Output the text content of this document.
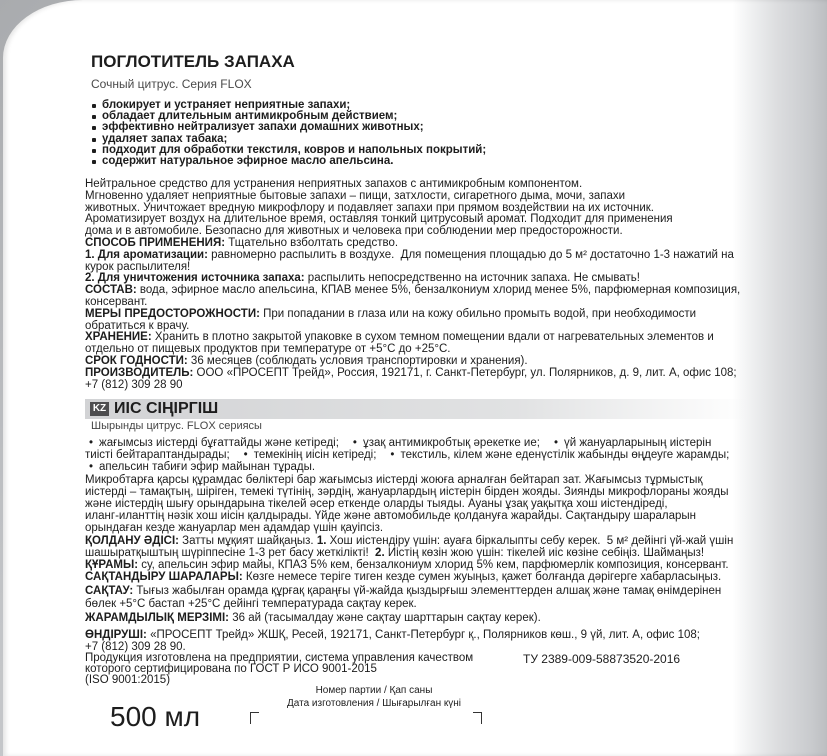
ПОГЛОТИТЕЛЬ ЗАПАХА
Сочный цитрус. Серия FLOX
блокирует и устраняет неприятные запахи;
обладает длительным антимикробным действием;
эффективно нейтрализует запахи домашних животных;
удаляет запах табака;
подходит для обработки текстиля, ковров и напольных покрытий;
содержит натуральное эфирное масло апельсина.
Нейтральное средство для устранения неприятных запахов с антимикробным компонентом.
Мгновенно удаляет неприятные бытовые запахи – пищи, затхлости, сигаретного дыма, мочи, запахи
животных. Уничтожает вредную микрофлору и подавляет запахи при прямом воздействии на их источник.
Ароматизирует воздух на длительное время, оставляя тонкий цитрусовый аромат. Подходит для применения
дома и в автомобиле. Безопасно для животных и человека при соблюдении мер предосторожности.
СПОСОБ ПРИМЕНЕНИЯ: Тщательно взболтать средство.
1. Для ароматизации: равномерно распылить в воздухе.  Для помещения площадью до 5 м² достаточно 1-3 нажатий на
курок распылителя!
2. Для уничтожения источника запаха: распылить непосредственно на источник запаха. Не смывать!
СОСТАВ: вода, эфирное масло апельсина, КПАВ менее 5%, бензалкониум хлорид менее 5%, парфюмерная композиция,
консервант.
МЕРЫ ПРЕДОСТОРОЖНОСТИ: При попадании в глаза или на кожу обильно промыть водой, при необходимости
обратиться к врачу.
ХРАНЕНИЕ: Хранить в плотно закрытой упаковке в сухом темном помещении вдали от нагревательных элементов и
отдельно от пищевых продуктов при температуре от +5°С до +25°С.
СРОК ГОДНОСТИ: 36 месяцев (соблюдать условия транспортировки и хранения).
ПРОИЗВОДИТЕЛЬ: ООО «ПРОСЕПТ Трейд», Россия, 192171, г. Санкт-Петербург, ул. Полярников, д. 9, лит. А, офис 108;
+7 (812) 309 28 90
KZ ИІС СІҢІРГІШ
Шырынды цитрус. FLOX сериясы
• жағымсыз иістерді бұғаттайды және кетіреді; • ұзақ антимикробтық әрекетке ие; • үй жануарларының иістерін
тиісті бейтараптандырады; • темекінің иісін кетіреді; • текстиль, кілем және еденүстілік жабынды өңдеуге жарамды;
• апельсин табиғи эфир майынан тұрады.
Микробтарға қарсы құрамдас бөліктері бар жағымсыз иістерді жоюға арналған бейтарап зат. Жағымсыз тұрмыстық
иістерді – тамақтың, шіріген, темекі түтінің, зәрдің, жануарлардың иістерін бірден жояды. Зиянды микрофлораны жояды
және иістердің шығу орындарына тікелей әсер еткенде оларды тыяды. Ауаны ұзақ уақытқа хош иістендіреді,
иланг-иланттің нәзік хош иісін қалдырады. Үйде және автомобильде қолдануға жарайды. Сақтандыру шараларын
орындаған кезде жануарлар мен адамдар үшін қауіпсіз.
ҚОЛДАНУ ӘДІСІ: Затты мұқият шайқаңыз. 1. Хош иістендіру үшін: ауаға біркалыпты себу керек.  5 м² дейінгі үй-жай үшін
шашыратқыштың шүріппесіне 1-3 рет басу жеткілікті!  2. Иістің көзін жою үшін: тікелей иіс көзіне себіңіз. Шаймаңыз!
ҚҰРАМЫ: су, апельсин эфир майы, КПАЗ 5% кем, бензалкониум хлорид 5% кем, парфюмерлік композиция, консервант.
САҚТАНДЫРУ ШАРАЛАРЫ: Көзге немесе теріге тиген кезде сумен жуыңыз, қажет болғанда дәрігерге хабарласыңыз.
САҚТАУ: Тығыз жабылған орамда құрғақ қараңғы үй-жайда қыздырғыш элементтерден алшақ және тамақ өнімдерінен
бөлек +5°С бастап +25°С дейінгі температурада сақтау керек.
ЖАРАМДЫЛЫҚ МЕРЗІМІ: 36 ай (тасымалдау және сақтау шарттарын сақтау керек).
ӨНДІРУШІ: «ПРОСЕПТ Трейд» ЖШҚ, Ресей, 192171, Санкт-Петербург қ., Полярников көш., 9 үй, лит. А, офис 108;
+7 (812) 309 28 90.
Продукция изготовлена на предприятии, система управления качеством
которого сертифицирована по ГОСТ Р ИСО 9001-2015
(ISO 9001:2015)
ТУ 2389-009-58873520-2016
500 мл
Номер партии / Қап саны
Дата изготовления / Шығарылған күні
